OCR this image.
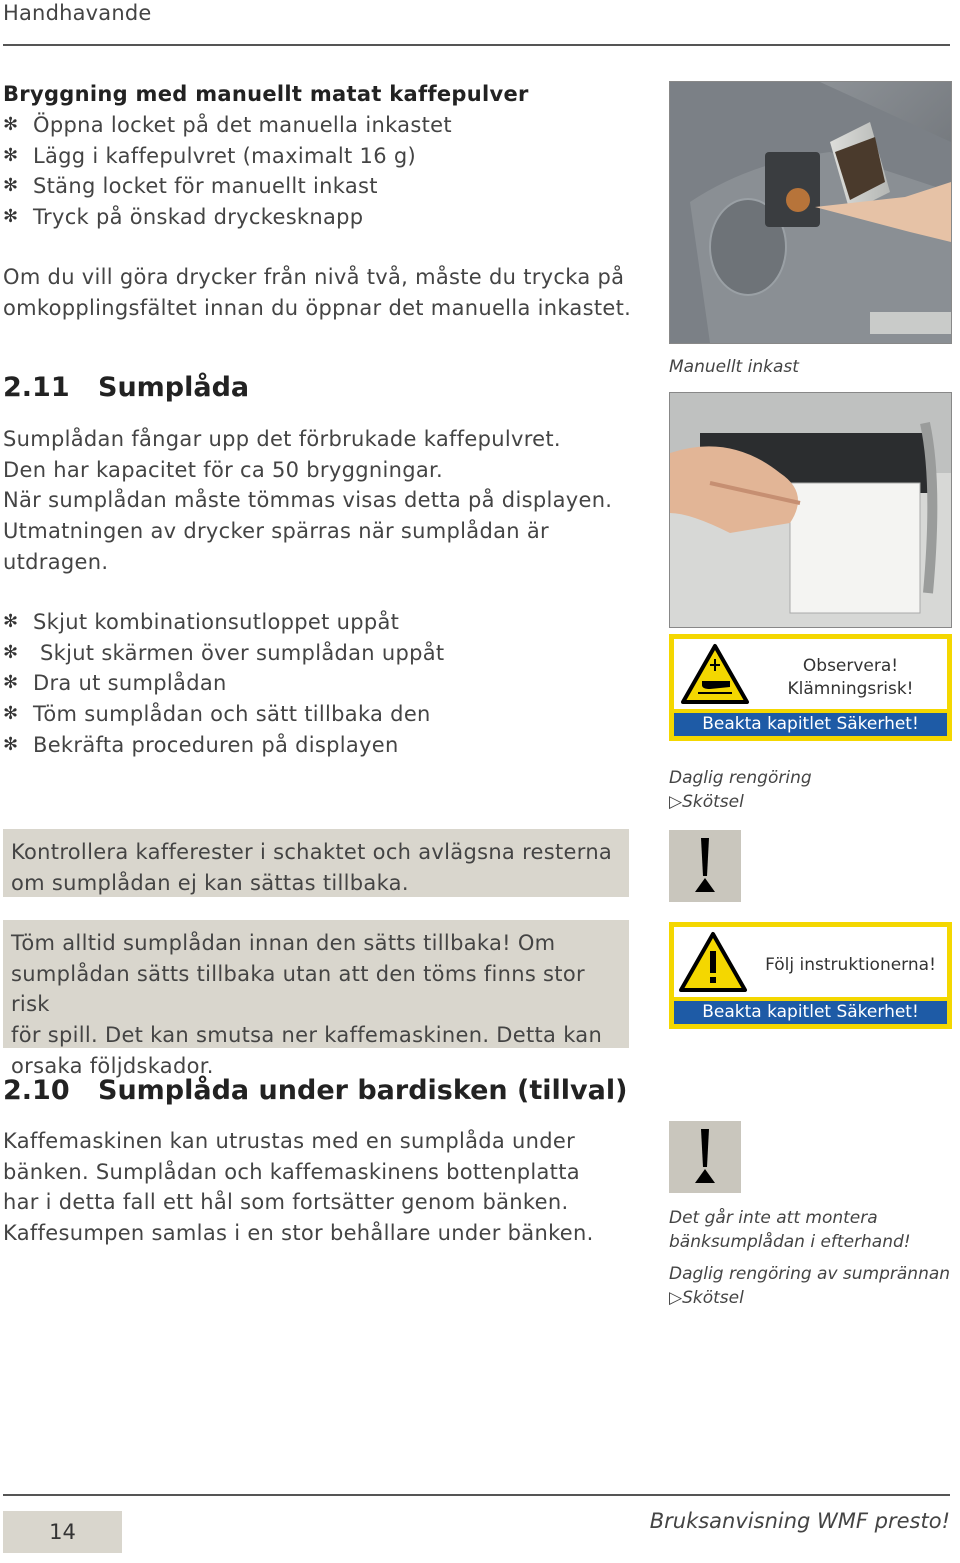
Handhavande
Bryggning med manuellt matat kaffepulver
✻ Öppna locket på det manuella inkastet
✻ Lägg i kaffepulvret (maximalt 16 g)
✻ Stäng locket för manuellt inkast
✻ Tryck på önskad dryckesknapp
Om du vill göra drycker från nivå två, måste du trycka på
omkopplingsfältet innan du öppnar det manuella inkastet.
2.11 Sumplåda
Sumplådan fångar upp det förbrukade kaffepulvret.
Den har kapacitet för ca 50 bryggningar.
När sumplådan måste tömmas visas detta på displayen.
Utmatningen av drycker spärras när sumplådan är
utdragen.
✻ Skjut kombinationsutloppet uppåt
✻ Skjut skärmen över sumplådan uppåt
✻ Dra ut sumplådan
✻ Töm sumplådan och sätt tillbaka den
✻ Bekräfta proceduren på displayen
Kontrollera kafferester i schaktet och avlägsna resterna
om sumplådan ej kan sättas tillbaka.
Töm alltid sumplådan innan den sätts tillbaka! Om
sumplådan sätts tillbaka utan att den töms finns stor risk
för spill. Det kan smutsa ner kaffemaskinen. Detta kan
orsaka följdskador.
2.10 Sumplåda under bardisken (tillval)
Kaffemaskinen kan utrustas med en sumplåda under
bänken. Sumplådan och kaffemaskinens bottenplatta
har i detta fall ett hål som fortsätter genom bänken.
Kaffesumpen samlas i en stor behållare under bänken.
Manuellt inkast
Observera!
Klämningsrisk!
Beakta kapitlet Säkerhet!
Daglig rengöring
▷Skötsel
Följ instruktionerna!
Beakta kapitlet Säkerhet!
Det går inte att montera
bänksumplådan i efterhand!
Daglig rengöring av sumprännan
▷Skötsel
14	Bruksanvisning WMF presto!
